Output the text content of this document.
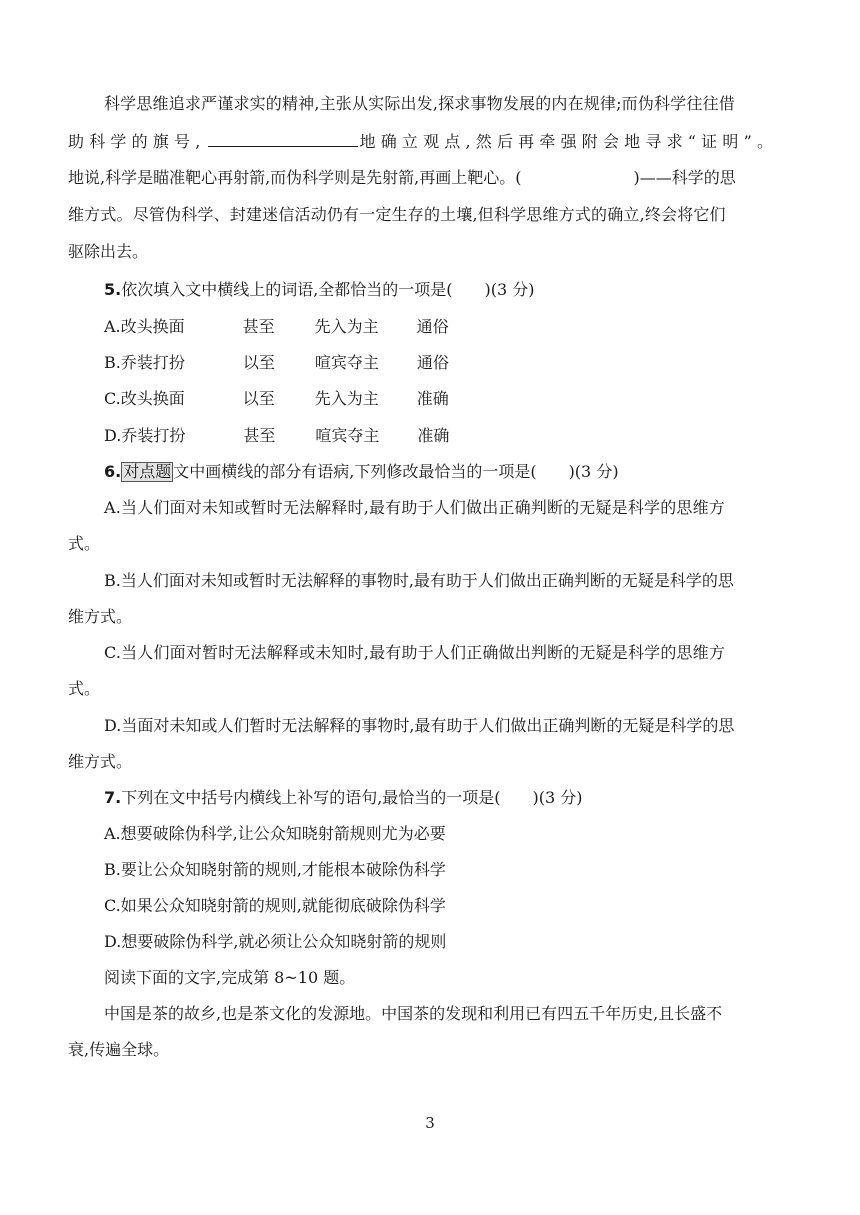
科学思维追求严谨求实的精神,主张从实际出发,探求事物发展的内在规律;而伪科学往往借
助科学的旗号,	地确立观点,然后再牵强附会地寻求“证明”。
地说,科学是瞄准靶心再射箭,而伪科学则是先射箭,再画上靶心。(	)——科学的思
维方式。尽管伪科学、封建迷信活动仍有一定生存的土壤,但科学思维方式的确立,终会将它们
驱除出去。
5.依次填入文中横线上的词语,全都恰当的一项是(　　)(3 分)
A.改头换面	甚至 先入为主 通俗
B.乔装打扮	以至 喧宾夺主 通俗
C.改头换面	以至 先入为主 准确
D.乔装打扮	甚至 喧宾夺主 准确
6. 对点题 文中画横线的部分有语病,下列修改最恰当的一项是(　　)(3 分)
A.当人们面对未知或暂时无法解释时,最有助于人们做出正确判断的无疑是科学的思维方
式。
B.当人们面对未知或暂时无法解释的事物时,最有助于人们做出正确判断的无疑是科学的思
维方式。
C.当人们面对暂时无法解释或未知时,最有助于人们正确做出判断的无疑是科学的思维方
式。
D.当面对未知或人们暂时无法解释的事物时,最有助于人们做出正确判断的无疑是科学的思
维方式。
7.下列在文中括号内横线上补写的语句,最恰当的一项是(　　)(3 分)
A.想要破除伪科学,让公众知晓射箭规则尤为必要
B.要让公众知晓射箭的规则,才能根本破除伪科学
C.如果公众知晓射箭的规则,就能彻底破除伪科学
D.想要破除伪科学,就必须让公众知晓射箭的规则
阅读下面的文字,完成第 8~10 题。
中国是茶的故乡,也是茶文化的发源地。中国茶的发现和利用已有四五千年历史,且长盛不
衰,传遍全球。
3
